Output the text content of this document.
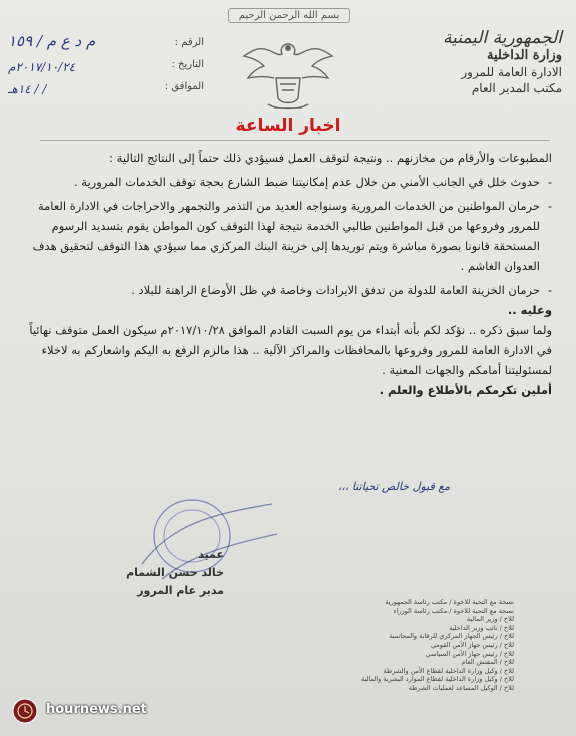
بسم الله الرحمن الرحيم
الجمهورية اليمنية
وزارة الداخلية
الادارة العامة للمرور
مكتب المدير العام
الرقم :
م د ع م / ١٥٩
التاريخ :
٢٠١٧/١٠/٢٤م
الموافق :
/ / ١٤هـ
اخبار الساعة

المطبوعات والأرقام من مخازنهم .. ونتيجة لتوقف العمل فسيؤدي ذلك حتماً إلى النتائج التالية :

- حدوث خلل في الجانب الأمني من خلال عدم إمكانيتنا ضبط الشارع بحجة توقف الخدمات المرورية .

- حرمان المواطنين من الخدمات المرورية وسنواجه العديد من التذمر والتجمهر والاحراجات في الادارة العامة للمرور وفروعها من قبل المواطنين طالبي الخدمة نتيجة لهذا التوقف كون المواطن يقوم بتسديد الرسوم المستحقة قانونا بصورة مباشرة ويتم توريدها إلى خزينة البنك المركزي مما سيؤدي هذا التوقف لتحقيق هدف العدوان الغاشم .

- حرمان الخزينة العامة للدولة من تدفق الايرادات وخاصة في ظل الأوضاع الراهنة للبلاد .

وعليه ..

ولما سبق ذكره .. نؤكد لكم بأنه أبتداء من يوم السبت القادم الموافق ٢٠١٧/١٠/٢٨م سيكون العمل متوقف نهائياً في الادارة العامة للمرور وفروعها بالمحافظات والمراكز الآلية .. هذا مالزم الرفع به اليكم واشعاركم به لاخلاء لمسئوليتنا أمامكم والجهات المعنية .

أملين تكرمكم بالأطلاع والعلم .

مع قبول خالص تحياتنا ،،،
عميد
خالد حسن الشمام
مدير عام المرور
نسخة مع التحية للاخوة / مكتب رئاسة الجمهورية
نسخة مع التحية للاخوة / مكتب رئاسة الوزراء
للاخ / وزير المالية
للاخ / نائب وزير الداخلية
للاخ / رئيس الجهاز المركزي للرقابة والمحاسبة
للاخ / رئيس جهاز الأمن القومي
للاخ / رئيس جهاز الأمن السياسي
للاخ / المفتش العام
للاخ / وكيل وزارة الداخلية لقطاع الأمن والشرطة
للاخ / وكيل وزارة الداخلية لقطاع الموارد البشرية والمالية
للاخ / الوكيل المساعد لعمليات الشرطة
hournews.net
